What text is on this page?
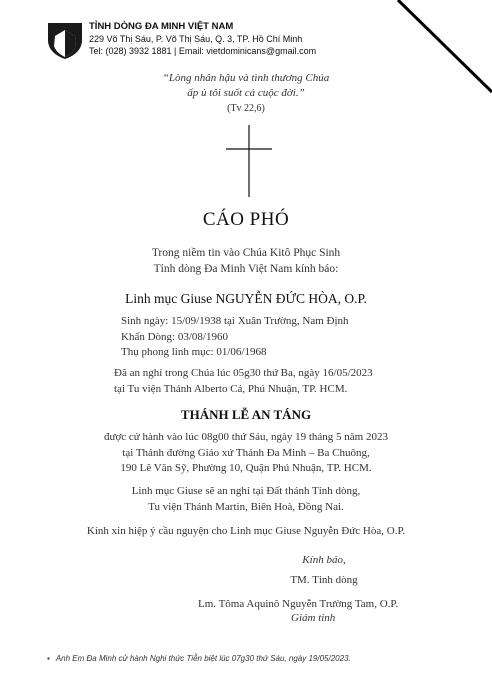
TỈNH DÒNG ĐA MINH VIỆT NAM
229 Võ Thị Sáu, P. Võ Thị Sáu, Q. 3, TP. Hồ Chí Minh
Tel: (028) 3932 1881 | Email: vietdominicans@gmail.com
“Lòng nhân hậu và tình thương Chúa
ấp ủ tôi suốt cả cuộc đời.”
(Tv 22,6)
CÁO PHÓ
Trong niềm tin vào Chúa Kitô Phục Sinh
Tỉnh dòng Đa Minh Việt Nam kính báo:
Linh mục Giuse NGUYỄN ĐỨC HÒA, O.P.
Sinh ngày: 15/09/1938 tại Xuân Trường, Nam Định
Khấn Dòng: 03/08/1960
Thụ phong linh mục: 01/06/1968
Đã an nghỉ trong Chúa lúc 05g30 thứ Ba, ngày 16/05/2023
tại Tu viện Thánh Alberto Cả, Phú Nhuận, TP. HCM.
THÁNH LỄ AN TÁNG
được cử hành vào lúc 08g00 thứ Sáu, ngày 19 tháng 5 năm 2023
tại Thánh đường Giáo xứ Thánh Đa Minh – Ba Chuông,
190 Lê Văn Sỹ, Phường 10, Quận Phú Nhuận, TP. HCM.
Linh mục Giuse sẽ an nghỉ tại Đất thánh Tỉnh dòng,
Tu viện Thánh Martin, Biên Hoà, Đồng Nai.
Kính xin hiệp ý cầu nguyện cho Linh mục Giuse Nguyễn Đức Hòa, O.P.
Kính báo,
TM. Tỉnh dòng
Lm. Tôma Aquinô Nguyễn Trường Tam, O.P.
Giám tỉnh
▪ Anh Em Đa Minh cử hành Nghi thức Tiễn biệt lúc 07g30 thứ Sáu, ngày 19/05/2023.
